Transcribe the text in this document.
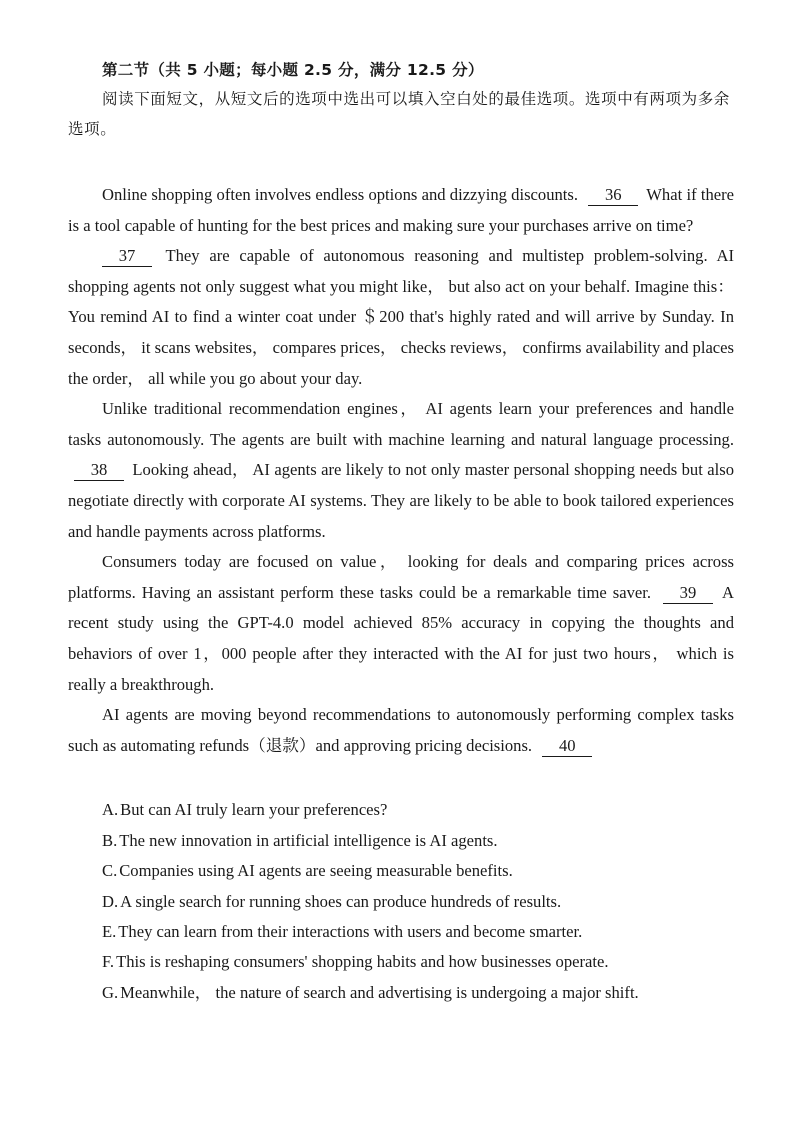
第二节（共 5 小题；每小题 2.5 分，满分 12.5 分）

阅读下面短文，从短文后的选项中选出可以填入空白处的最佳选项。选项中有两项为多余选项。

Online shopping often involves endless options and dizzying discounts. 36 What if there is a tool capable of hunting for the best prices and making sure your purchases arrive on time?

37 They are capable of autonomous reasoning and multistep problem-solving. AI shopping agents not only suggest what you might like， but also act on your behalf. Imagine this：You remind AI to find a winter coat under ＄200 that's highly rated and will arrive by Sunday. In seconds， it scans websites， compares prices， checks reviews， confirms availability and places the order， all while you go about your day.

Unlike traditional recommendation engines， AI agents learn your preferences and handle tasks autonomously. The agents are built with machine learning and natural language processing. 38 Looking ahead， AI agents are likely to not only master personal shopping needs but also negotiate directly with corporate AI systems. They are likely to be able to book tailored experiences and handle payments across platforms.

Consumers today are focused on value， looking for deals and comparing prices across platforms. Having an assistant perform these tasks could be a remarkable time saver. 39 A recent study using the GPT-4.0 model achieved 85% accuracy in copying the thoughts and behaviors of over 1，000 people after they interacted with the AI for just two hours， which is really a breakthrough.

AI agents are moving beyond recommendations to autonomously performing complex tasks such as automating refunds（退款）and approving pricing decisions. 40

A. But can AI truly learn your preferences?

B. The new innovation in artificial intelligence is AI agents.

C. Companies using AI agents are seeing measurable benefits.

D. A single search for running shoes can produce hundreds of results.

E. They can learn from their interactions with users and become smarter.

F. This is reshaping consumers' shopping habits and how businesses operate.

G. Meanwhile， the nature of search and advertising is undergoing a major shift.
